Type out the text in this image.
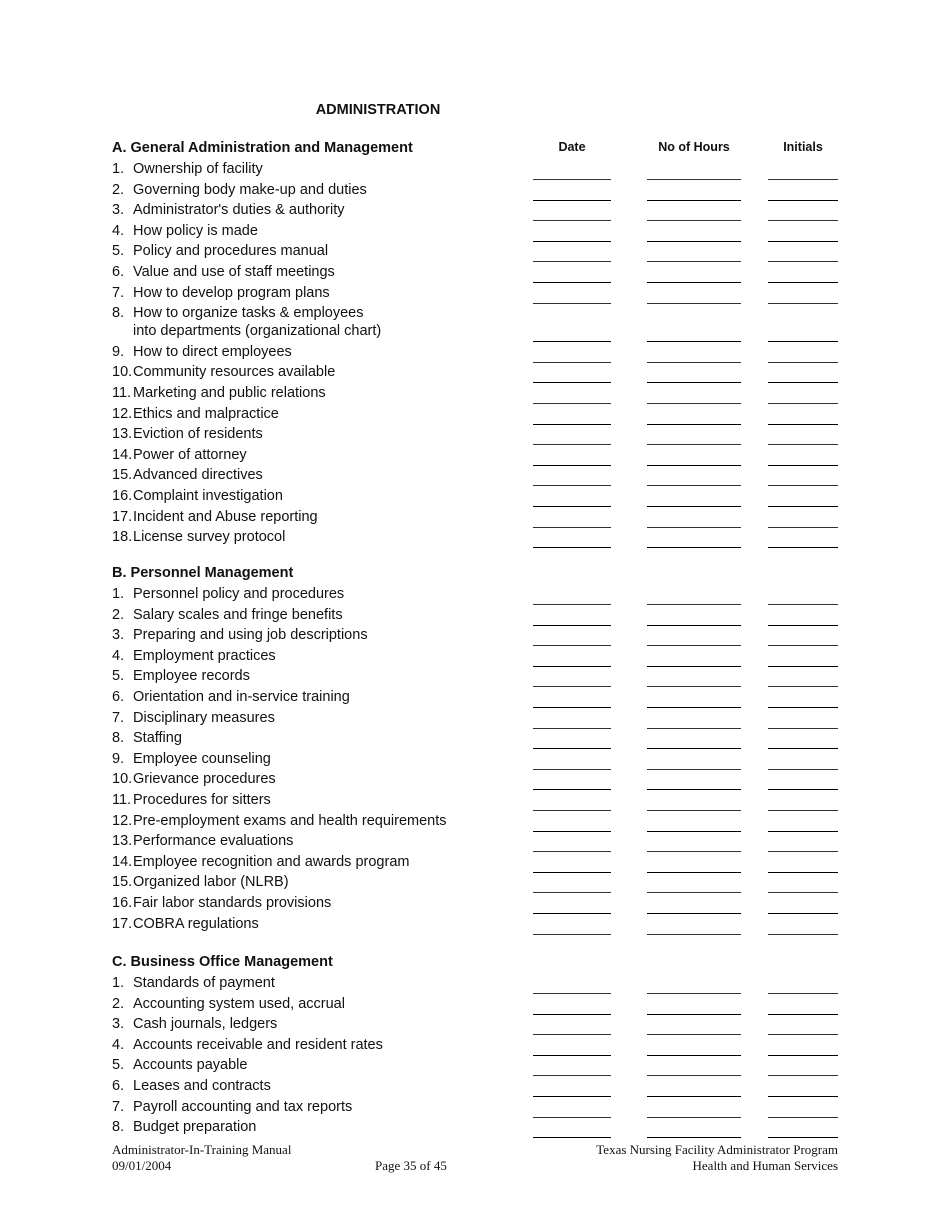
ADMINISTRATION
Date	No of Hours	Initials
A. General Administration and Management
1. Ownership of facility
2. Governing body make-up and duties
3. Administrator's duties & authority
4. How policy is made
5. Policy and procedures manual
6. Value and use of staff meetings
7. How to develop program plans
8. How to organize tasks & employees
into departments (organizational chart)
9. How to direct employees
10.Community resources available
11. Marketing and public relations
12.Ethics and malpractice
13.Eviction of residents
14.Power of attorney
15.Advanced directives
16.Complaint investigation
17.Incident and Abuse reporting
18.License survey protocol
B. Personnel Management
1. Personnel policy and procedures
2. Salary scales and fringe benefits
3. Preparing and using job descriptions
4. Employment practices
5. Employee records
6. Orientation and in-service training
7. Disciplinary measures
8. Staffing
9. Employee counseling
10.Grievance procedures
11. Procedures for sitters
12.Pre-employment exams and health requirements
13.Performance evaluations
14.Employee recognition and awards program
15.Organized labor (NLRB)
16.Fair labor standards provisions
17.COBRA regulations
C. Business Office Management
1. Standards of payment
2. Accounting system used, accrual
3. Cash journals, ledgers
4. Accounts receivable and resident rates
5. Accounts payable
6. Leases and contracts
7. Payroll accounting and tax reports
8. Budget preparation
Administrator-In-Training Manual
09/01/2004	Page 35 of 45
Texas Nursing Facility Administrator Program
Health and Human Services
